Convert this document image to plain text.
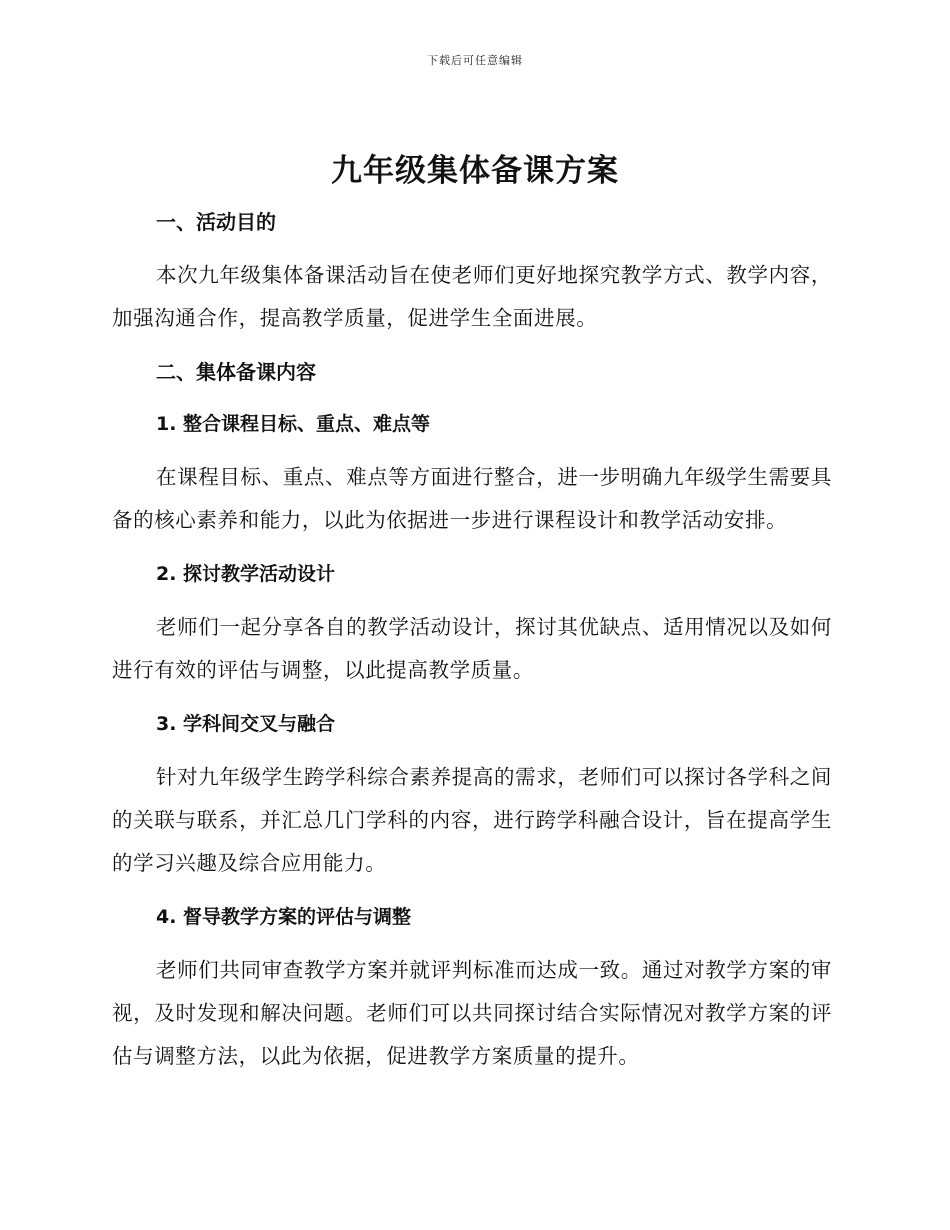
下载后可任意编辑
九年级集体备课方案
一、活动目的

本次九年级集体备课活动旨在使老师们更好地探究教学方式、教学内容，加强沟通合作，提高教学质量，促进学生全面进展。

二、集体备课内容
1. 整合课程目标、重点、难点等

在课程目标、重点、难点等方面进行整合，进一步明确九年级学生需要具备的核心素养和能力，以此为依据进一步进行课程设计和教学活动安排。

2. 探讨教学活动设计

老师们一起分享各自的教学活动设计，探讨其优缺点、适用情况以及如何进行有效的评估与调整，以此提高教学质量。

3. 学科间交叉与融合

针对九年级学生跨学科综合素养提高的需求，老师们可以探讨各学科之间的关联与联系，并汇总几门学科的内容，进行跨学科融合设计，旨在提高学生的学习兴趣及综合应用能力。

4. 督导教学方案的评估与调整

老师们共同审查教学方案并就评判标准而达成一致。通过对教学方案的审视，及时发现和解决问题。老师们可以共同探讨结合实际情况对教学方案的评估与调整方法，以此为依据，促进教学方案质量的提升。
